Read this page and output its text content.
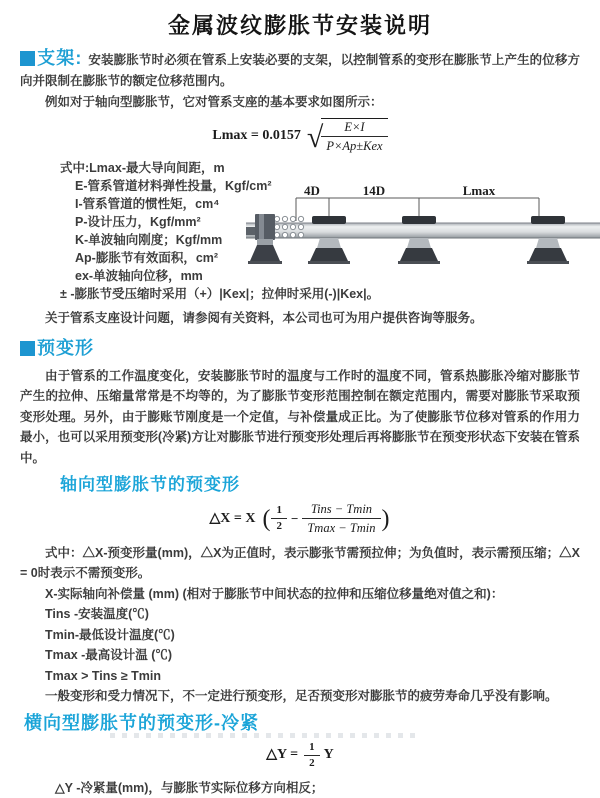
金属波纹膨胀节安装说明

支架: 安装膨胀节时必须在管系上安装必要的支架，以控制管系的变形在膨胀节上产生的位移方向并限制在膨胀节的额定位移范围内。

例如对于轴向型膨胀节，它对管系支座的基本要求如图所示：

Lmax = 0.0157 √
$\frac{E\times I}{\text{P×Ap±Kex}}$
式中:Lmax-最大导向间距，m
E-管系管道材料弹性投量，Kgf/cm²
I-管系管道的惯性矩，cm⁴
P-设计压力，Kgf/mm²
K-单波轴向刚度；Kgf/mm
Ap-膨胀节有效面积，cm²
ex-单波轴向位移，mm
± -膨胀节受压缩时采用（+）|Kex|；拉伸时采用(-)|Kex|。
4D	14D	Lmax

关于管系支座设计问题，请参阅有关资料，本公司也可为用户提供咨询等服务。

预变形

由于管系的工作温度变化，安装膨胀节时的温度与工作时的温度不同，管系热膨胀冷缩对膨胀节产生的拉伸、压缩量常常是不均等的，为了膨胀节变形范围控制在额定范围内，需要对膨胀节采取预变形处理。另外，由于膨账节刚度是一个定值，与补偿量成正比。为了使膨胀节位移对管系的作用力最小，也可以采用预变形(冷紧)方让对膨胀节进行预变形处理后再将膨胀节在预变形状态下安装在管系中。

轴向型膨胀节的预变形
△X = X ( $\frac{1}{2} - \frac{\text{Tins − Tmin}}{Tmax - Tmin}$ )

式中：△X-预变形量(mm)，△X为正值时，表示膨张节需预拉伸；为负值时，表示需预压缩；△X = 0时表示不需预变形。

X-实际轴向补偿量 (mm) (相对于膨胀节中间状态的拉伸和压缩位移量绝对值之和)：
Tins -安装温度(℃)
Tmin-最低设计温度(℃)
Tmax -最高设计温 (℃)
Tmax > Tins ≥ Tmin
一般变形和受力情况下，不一定进行预变形，足否预变形对膨胀节的疲劳寿命几乎没有影响。
横向型膨胀节的预变形-冷紧
△Y = $\frac{1}{2}$ Y
△Y -冷紧量(mm)，与膨胀节实际位移方向相反；
